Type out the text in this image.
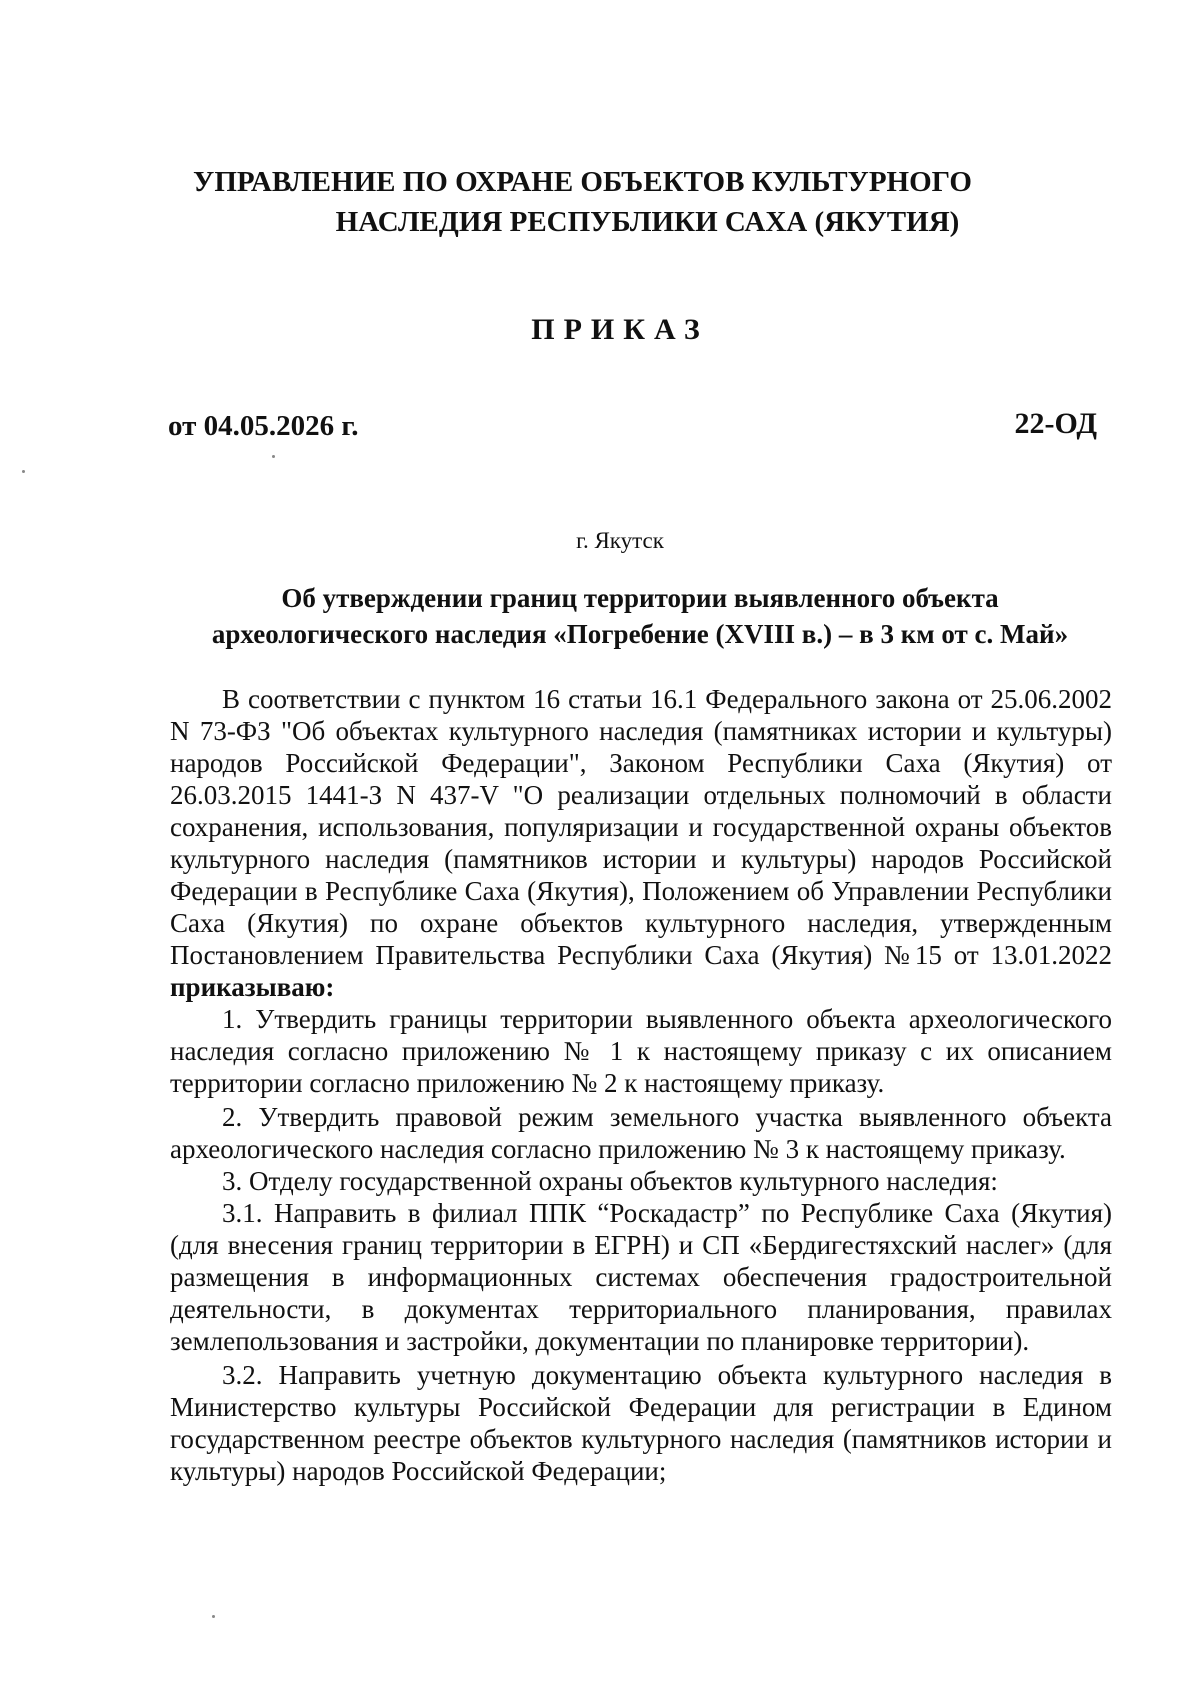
УПРАВЛЕНИЕ ПО ОХРАНЕ ОБЪЕКТОВ КУЛЬТУРНОГО
НАСЛЕДИЯ РЕСПУБЛИКИ САХА (ЯКУТИЯ)
ПРИКАЗ
от 04.05.2026 г.	22-ОД
г. Якутск
Об утверждении границ территории выявленного объекта
археологического наследия «Погребение (XVIII в.) – в 3 км от с. Май»

В соответствии с пунктом 16 статьи 16.1 Федерального закона от 25.06.2002 N 73-ФЗ "Об объектах культурного наследия (памятниках истории и культуры) народов Российской Федерации", Законом Республики Саха (Якутия) от 26.03.2015 1441-З N 437-V "О реализации отдельных полномочий в области сохранения, использования, популяризации и государственной охраны объектов культурного наследия (памятников истории и культуры) народов Российской Федерации в Республике Саха (Якутия), Положением об Управлении Республики Саха (Якутия) по охране объектов культурного наследия, утвержденным Постановлением Правительства Республики Саха (Якутия) №15 от 13.01.2022 приказываю:

1. Утвердить границы территории выявленного объекта археологического наследия согласно приложению № 1 к настоящему приказу с их описанием территории согласно приложению № 2 к настоящему приказу.

2. Утвердить правовой режим земельного участка выявленного объекта археологического наследия согласно приложению № 3 к настоящему приказу.

3. Отделу государственной охраны объектов культурного наследия:

3.1. Направить в филиал ППК “Роскадастр” по Республике Саха (Якутия) (для внесения границ территории в ЕГРН) и СП «Бердигестяхский наслег» (для размещения в информационных системах обеспечения градостроительной деятельности, в документах территориального планирования, правилах землепользования и застройки, документации по планировке территории).

3.2. Направить учетную документацию объекта культурного наследия в Министерство культуры Российской Федерации для регистрации в Едином государственном реестре объектов культурного наследия (памятников истории и культуры) народов Российской Федерации;
